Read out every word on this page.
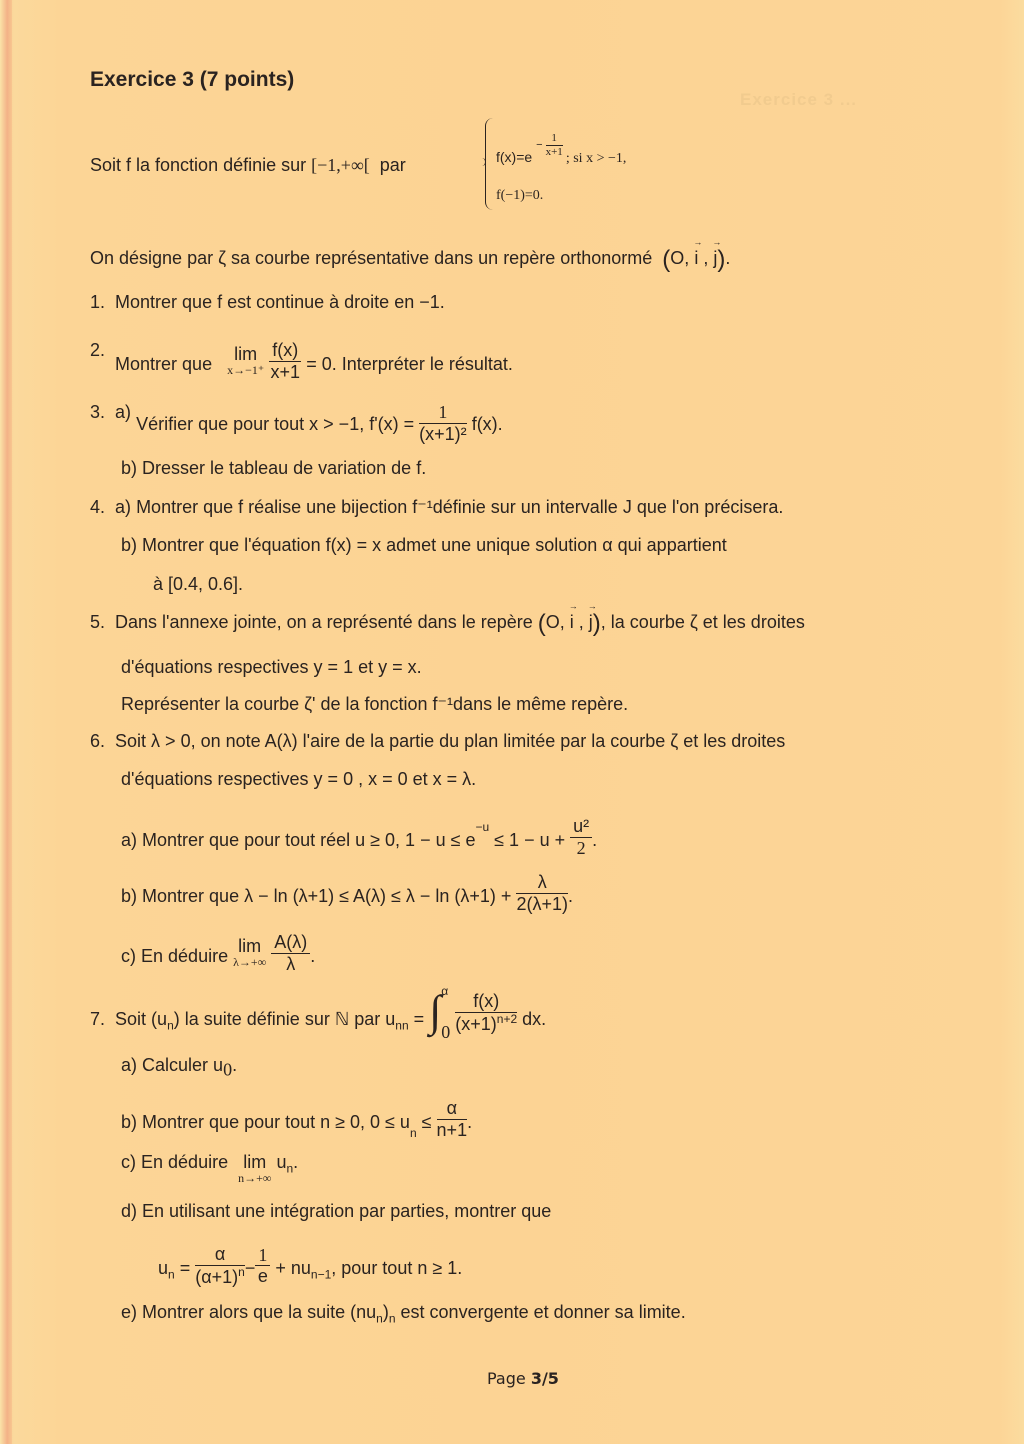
Exercice 3 ...
Exercice 3 (7 points)
Soit f la fonction définie sur [−1,+∞[ par	f(x)=e $^{- \frac{1}{x+1}}$
; si x > −1,
f(−1)=0.
On désigne par ζ sa courbe représentative dans un repère orthonormé (O, → i , → j).
1. Montrer que f est continue à droite en −1.
2.  Montrer que	lim
x→−1⁺
$\frac{f(x)}{x+1} = 0$. Interpréter le résultat.
3. a) Vérifier que pour tout x > −1, $f'(x) = \frac{1}{\text{(x+1)²}} f(x)$.
b) Dresser le tableau de variation de f.
4. a) Montrer que f réalise une bijection f⁻¹définie sur un intervalle J que l'on précisera.
b) Montrer que l'équation f(x) = x admet une unique solution α qui appartient
à [0.4, 0.6].
5. Dans l'annexe jointe, on a représenté dans le repère (O, → i , → j), la courbe ζ et les droites
d'équations respectives y = 1 et y = x.
Représenter la courbe ζ' de la fonction f⁻¹dans le même repère.
6. Soit λ > 0, on note A(λ) l'aire de la partie du plan limitée par la courbe ζ et les droites
d'équations respectives y = 0 , x = 0 et x = λ.
a) Montrer que pour tout réel u ≥ 0, $1 - u \le e^{-u} \le 1 - u + \frac{\text{u²}}{2}$ .
b) Montrer que $\lambda - \ln (\lambda+1) \le A(\lambda) \le \lambda - \ln (\lambda+1) + \frac{\lambda}{2(\lambda+1)}$ .
c) En déduire lim
λ→+∞
$\frac{A(\lambda)}{\lambda}$ .
7. Soit $(u_n)$ la suite définie sur ℕ par $u_{nn}$ = ∫ α
0
$\frac{f(x)}{(x+1)^{n+2}}$ dx.
a) Calculer $u_0$.
b) Montrer que pour tout n ≥ 0, $0 \le u_n \le \frac{\alpha}{n+1}$ .
c) En déduire lim
n→+∞
$u_n$.
d) En utilisant une intégration par parties, montrer que
$u_n = \frac{\alpha}{(\alpha+1)^n} - \frac{1}{e} + nu_{n-1}$, pour tout n ≥ 1.
e) Montrer alors que la suite $(nu_n)_n$ est convergente et donner sa limite.
Page 3/5
